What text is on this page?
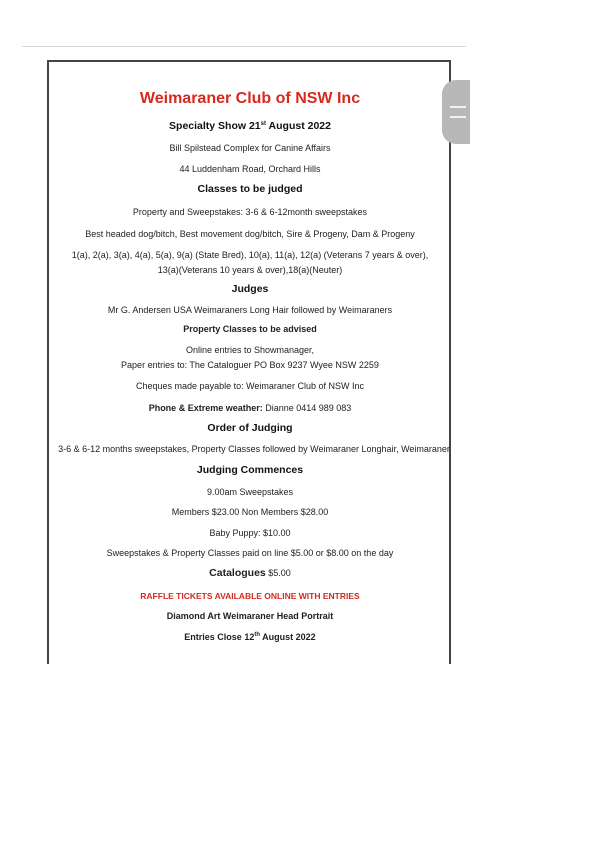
Weimaraner Club of NSW Inc
Specialty Show 21st August 2022
Bill Spilstead Complex for Canine Affairs
44 Luddenham Road, Orchard Hills
Classes to be judged
Property and Sweepstakes: 3-6 & 6-12month sweepstakes
Best headed dog/bitch, Best movement dog/bitch, Sire & Progeny, Dam & Progeny
1(a), 2(a), 3(a), 4(a), 5(a), 9(a) (State Bred), 10(a), 11(a), 12(a) (Veterans 7 years & over),
13(a)(Veterans 10 years & over),18(a)(Neuter)
Judges
Mr G. Andersen USA Weimaraners Long Hair followed by Weimaraners
Property Classes to be advised
Online entries to Showmanager,
Paper entries to: The Cataloguer PO Box 9237 Wyee NSW 2259
Cheques made payable to: Weimaraner Club of NSW Inc
Phone & Extreme weather: Dianne 0414 989 083
Order of Judging
3-6 & 6-12 months sweepstakes, Property Classes followed by Weimaraner Longhair, Weimaraner
Judging Commences
9.00am Sweepstakes
Members $23.00 Non Members $28.00
Baby Puppy: $10.00
Sweepstakes & Property Classes paid on line $5.00 or $8.00 on the day
Catalogues $5.00
RAFFLE TICKETS AVAILABLE ONLINE WITH ENTRIES
Diamond Art Weimaraner Head Portrait
Entries Close 12th August 2022
